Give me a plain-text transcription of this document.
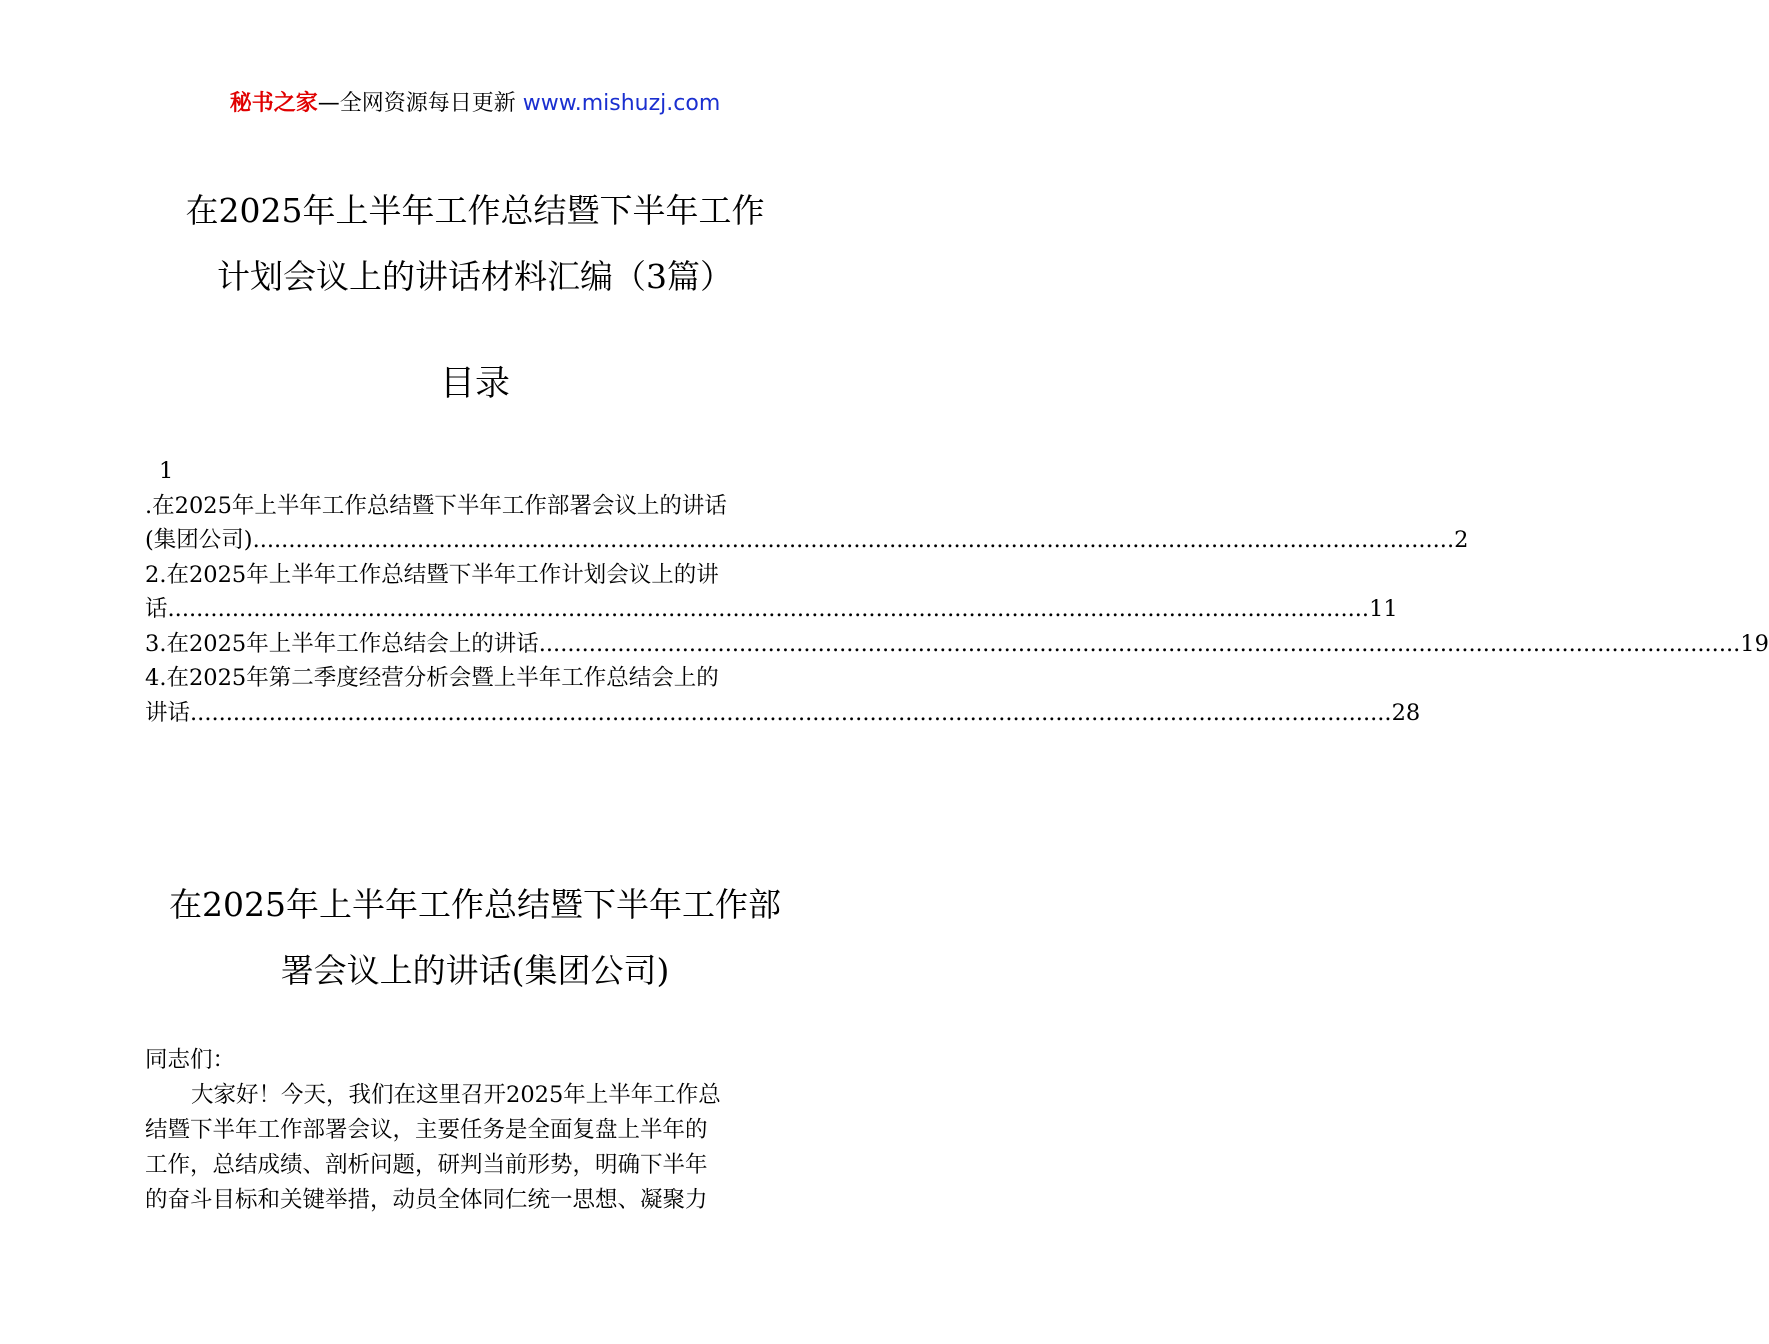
秘书之家—全网资源每日更新 www.mishuzj.com
在2025年上半年工作总结暨下半年工作
计划会议上的讲话材料汇编（3篇）
目录
1
.在2025年上半年工作总结暨下半年工作部署会议上的讲话
(集团公司) ........................................................................................................................................................................ 2
2.在2025年上半年工作总结暨下半年工作计划会议上的讲
话 ........................................................................................................................................................................ 11
3.在2025年上半年工作总结会上的讲话 ........................................................................................................................................................................ 19
4.在2025年第二季度经营分析会暨上半年工作总结会上的
讲话 ........................................................................................................................................................................ 28
在2025年上半年工作总结暨下半年工作部
署会议上的讲话(集团公司)
同志们：
大家好！今天，我们在这里召开2025年上半年工作总
结暨下半年工作部署会议，主要任务是全面复盘上半年的
工作，总结成绩、剖析问题，研判当前形势，明确下半年
的奋斗目标和关键举措，动员全体同仁统一思想、凝聚力
